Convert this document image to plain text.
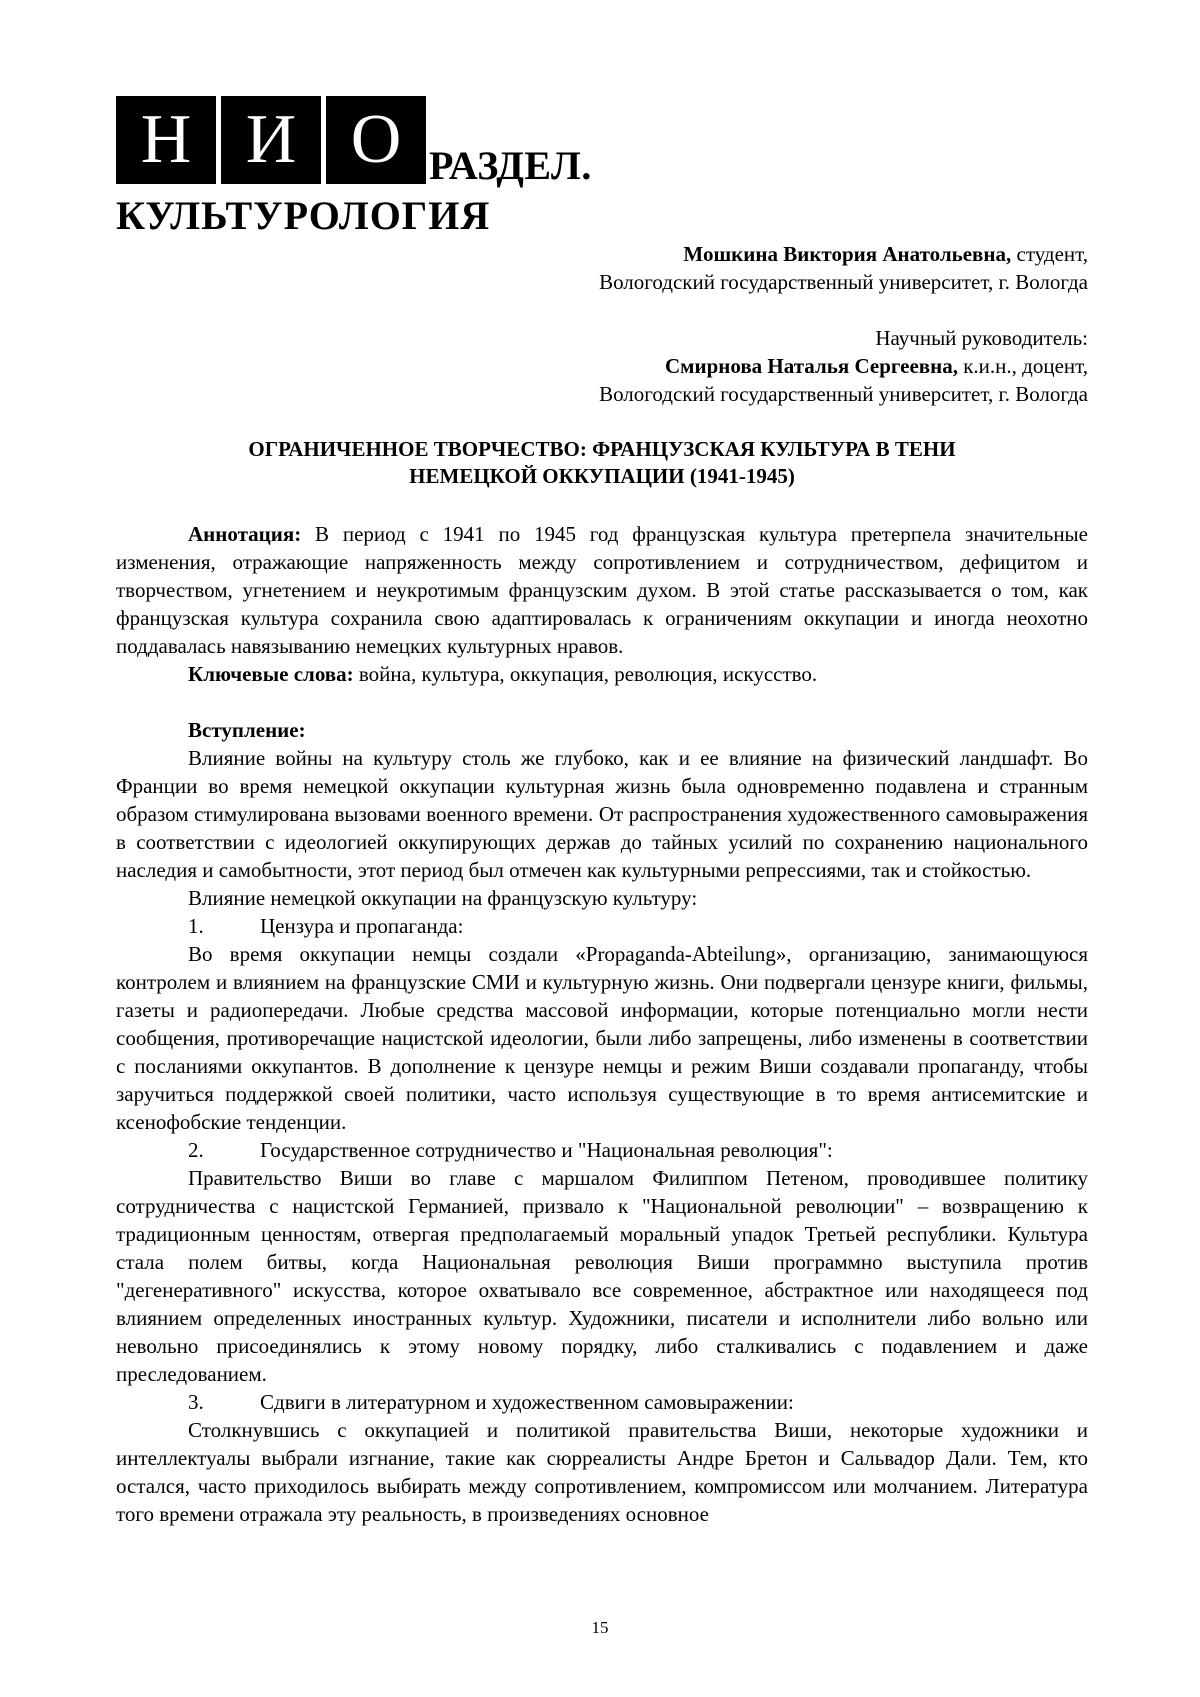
Н И О РАЗДЕЛ.
КУЛЬТУРОЛОГИЯ
Мошкина Виктория Анатольевна, студент,
Вологодский государственный университет, г. Вологда
Научный руководитель:
Смирнова Наталья Сергеевна, к.и.н., доцент,
Вологодский государственный университет, г. Вологда
ОГРАНИЧЕННОЕ ТВОРЧЕСТВО: ФРАНЦУЗСКАЯ КУЛЬТУРА В ТЕНИ
НЕМЕЦКОЙ ОККУПАЦИИ (1941-1945)

Аннотация: В период с 1941 по 1945 год французская культура претерпела значительные изменения, отражающие напряженность между сопротивлением и сотрудничеством, дефицитом и творчеством, угнетением и неукротимым французским духом. В этой статье рассказывается о том, как французская культура сохранила свою адаптировалась к ограничениям оккупации и иногда неохотно поддавалась навязыванию немецких культурных нравов.

Ключевые слова: война, культура, оккупация, революция, искусство.

Вступление:

Влияние войны на культуру столь же глубоко, как и ее влияние на физический ландшафт. Во Франции во время немецкой оккупации культурная жизнь была одновременно подавлена и странным образом стимулирована вызовами военного времени. От распространения художественного самовыражения в соответствии с идеологией оккупирующих держав до тайных усилий по сохранению национального наследия и самобытности, этот период был отмечен как культурными репрессиями, так и стойкостью.

Влияние немецкой оккупации на французскую культуру:

1.	Цензура и пропаганда:

Во время оккупации немцы создали «Propaganda-Abteilung», организацию, занимающуюся контролем и влиянием на французские СМИ и культурную жизнь. Они подвергали цензуре книги, фильмы, газеты и радиопередачи. Любые средства массовой информации, которые потенциально могли нести сообщения, противоречащие нацистской идеологии, были либо запрещены, либо изменены в соответствии с посланиями оккупантов. В дополнение к цензуре немцы и режим Виши создавали пропаганду, чтобы заручиться поддержкой своей политики, часто используя существующие в то время антисемитские и ксенофобские тенденции.

2.	Государственное сотрудничество и "Национальная революция":

Правительство Виши во главе с маршалом Филиппом Петеном, проводившее политику сотрудничества с нацистской Германией, призвало к "Национальной революции" – возвращению к традиционным ценностям, отвергая предполагаемый моральный упадок Третьей республики. Культура стала полем битвы, когда Национальная революция Виши программно выступила против "дегенеративного" искусства, которое охватывало все современное, абстрактное или находящееся под влиянием определенных иностранных культур. Художники, писатели и исполнители либо вольно или невольно присоединялись к этому новому порядку, либо сталкивались с подавлением и даже преследованием.

3.	Сдвиги в литературном и художественном самовыражении:

Столкнувшись с оккупацией и политикой правительства Виши, некоторые художники и интеллектуалы выбрали изгнание, такие как сюрреалисты Андре Бретон и Сальвадор Дали. Тем, кто остался, часто приходилось выбирать между сопротивлением, компромиссом или молчанием. Литература того времени отражала эту реальность, в произведениях основное

15
